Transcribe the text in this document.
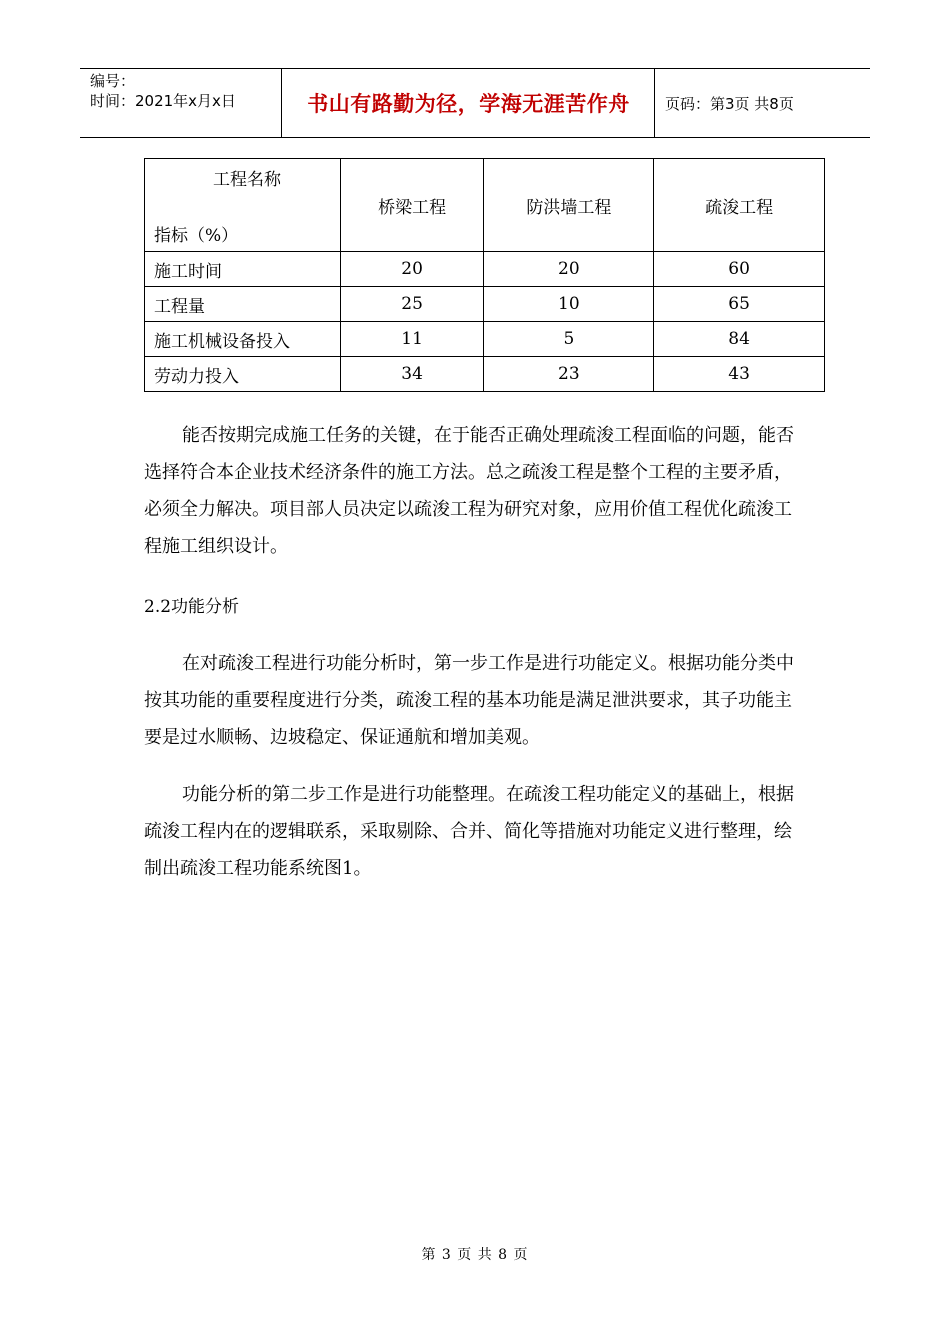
编号：
时间：2021年x月x日	书山有路勤为径，学海无涯苦作舟	页码：第3页 共8页
工程名称
指标（%）	桥梁工程	防洪墙工程	疏浚工程
施工时间	20	20	60
工程量	25	10	65
施工机械设备投入	11	5	84
劳动力投入	34	23	43
能否按期完成施工任务的关键，在于能否正确处理疏浚工程面临的问题，能否选择符合本企业技术经济条件的施工方法。总之疏浚工程是整个工程的主要矛盾，必须全力解决。项目部人员决定以疏浚工程为研究对象，应用价值工程优化疏浚工程施工组织设计。
2.2功能分析
在对疏浚工程进行功能分析时，第一步工作是进行功能定义。根据功能分类中按其功能的重要程度进行分类，疏浚工程的基本功能是满足泄洪要求，其子功能主要是过水顺畅、边坡稳定、保证通航和增加美观。
功能分析的第二步工作是进行功能整理。在疏浚工程功能定义的基础上，根据疏浚工程内在的逻辑联系，采取剔除、合并、简化等措施对功能定义进行整理，绘制出疏浚工程功能系统图1。
第 3 页 共 8 页
